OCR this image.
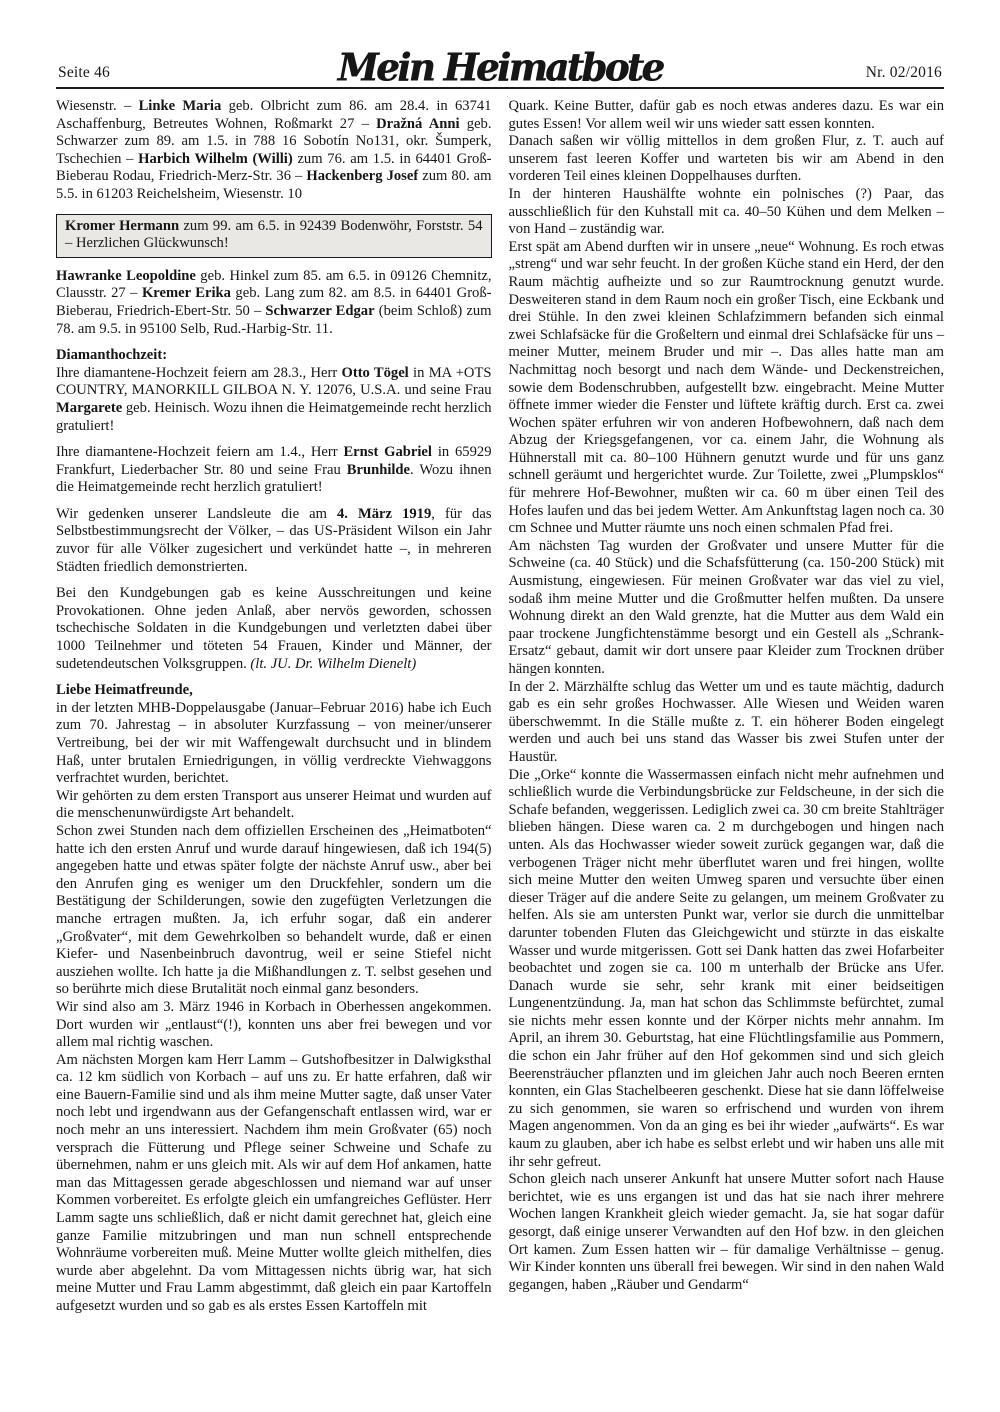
Seite 46	Mein Heimatbote	Nr. 02/2016

Wiesenstr. – Linke Maria geb. Olbricht zum 86. am 28.4. in 63741 Aschaffenburg, Betreutes Wohnen, Roßmarkt 27 – Dražná Anni geb. Schwarzer zum 89. am 1.5. in 788 16 Sobotín No131, okr. Šumperk, Tschechien – Harbich Wilhelm (Willi) zum 76. am 1.5. in 64401 Groß-Bieberau Rodau, Friedrich-Merz-Str. 36 – Hackenberg Josef zum 80. am 5.5. in 61203 Reichelsheim, Wiesenstr. 10

Kromer Hermann zum 99. am 6.5. in 92439 Bodenwöhr, Forststr. 54 – Herzlichen Glückwunsch!

Hawranke Leopoldine geb. Hinkel zum 85. am 6.5. in 09126 Chemnitz, Clausstr. 27 – Kremer Erika geb. Lang zum 82. am 8.5. in 64401 Groß-Bieberau, Friedrich-Ebert-Str. 50 – Schwarzer Edgar (beim Schloß) zum 78. am 9.5. in 95100 Selb, Rud.-Harbig-Str. 11.

Diamanthochzeit:

Ihre diamantene-Hochzeit feiern am 28.3., Herr Otto Tögel in MA +OTS COUNTRY, MANORKILL GILBOA N. Y. 12076, U.S.A. und seine Frau Margarete geb. Heinisch. Wozu ihnen die Heimatgemeinde recht herzlich gratuliert!

Ihre diamantene-Hochzeit feiern am 1.4., Herr Ernst Gabriel in 65929 Frankfurt, Liederbacher Str. 80 und seine Frau Brunhilde. Wozu ihnen die Heimatgemeinde recht herzlich gratuliert!

Wir gedenken unserer Landsleute die am 4. März 1919, für das Selbstbestimmungsrecht der Völker, – das US-Präsident Wilson ein Jahr zuvor für alle Völker zugesichert und verkündet hatte –, in mehreren Städten friedlich demonstrierten.

Bei den Kundgebungen gab es keine Ausschreitungen und keine Provokationen. Ohne jeden Anlaß, aber nervös geworden, schossen tschechische Soldaten in die Kundgebungen und verletzten dabei über 1000 Teilnehmer und töteten 54 Frauen, Kinder und Männer, der sudetendeutschen Volksgruppen. (lt. JU. Dr. Wilhelm Dienelt)

Liebe Heimatfreunde,

in der letzten MHB-Doppelausgabe (Januar–Februar 2016) habe ich Euch zum 70. Jahrestag – in absoluter Kurzfassung – von meiner/unserer Vertreibung, bei der wir mit Waffengewalt durchsucht und in blindem Haß, unter brutalen Erniedrigungen, in völlig verdreckte Viehwaggons verfrachtet wurden, berichtet.

Wir gehörten zu dem ersten Transport aus unserer Heimat und wurden auf die menschenunwürdigste Art behandelt.

Schon zwei Stunden nach dem offiziellen Erscheinen des „Heimatboten“ hatte ich den ersten Anruf und wurde darauf hingewiesen, daß ich 194(5) angegeben hatte und etwas später folgte der nächste Anruf usw., aber bei den Anrufen ging es weniger um den Druckfehler, sondern um die Bestätigung der Schilderungen, sowie den zugefügten Verletzungen die manche ertragen mußten. Ja, ich erfuhr sogar, daß ein anderer „Großvater“, mit dem Gewehrkolben so behandelt wurde, daß er einen Kiefer- und Nasenbeinbruch davontrug, weil er seine Stiefel nicht ausziehen wollte. Ich hatte ja die Mißhandlungen z. T. selbst gesehen und so berührte mich diese Brutalität noch einmal ganz besonders.

Wir sind also am 3. März 1946 in Korbach in Oberhessen angekommen. Dort wurden wir „entlaust“(!), konnten uns aber frei bewegen und vor allem mal richtig waschen.

Am nächsten Morgen kam Herr Lamm – Gutshofbesitzer in Dalwigksthal ca. 12 km südlich von Korbach – auf uns zu. Er hatte erfahren, daß wir eine Bauern-Familie sind und als ihm meine Mutter sagte, daß unser Vater noch lebt und irgendwann aus der Gefangenschaft entlassen wird, war er noch mehr an uns interessiert. Nachdem ihm mein Großvater (65) noch versprach die Fütterung und Pflege seiner Schweine und Schafe zu übernehmen, nahm er uns gleich mit. Als wir auf dem Hof ankamen, hatte man das Mittagessen gerade abgeschlossen und niemand war auf unser Kommen vorbereitet. Es erfolgte gleich ein umfangreiches Geflüster. Herr Lamm sagte uns schließlich, daß er nicht damit gerechnet hat, gleich eine ganze Familie mitzubringen und man nun schnell entsprechende Wohnräume vorbereiten muß. Meine Mutter wollte gleich mithelfen, dies wurde aber abgelehnt. Da vom Mittagessen nichts übrig war, hat sich meine Mutter und Frau Lamm abgestimmt, daß gleich ein paar Kartoffeln aufgesetzt wurden und so gab es als erstes Essen Kartoffeln mit

Quark. Keine Butter, dafür gab es noch etwas anderes dazu. Es war ein gutes Essen! Vor allem weil wir uns wieder satt essen konnten.

Danach saßen wir völlig mittellos in dem großen Flur, z. T. auch auf unserem fast leeren Koffer und warteten bis wir am Abend in den vorderen Teil eines kleinen Doppelhauses durften.

In der hinteren Haushälfte wohnte ein polnisches (?) Paar, das ausschließlich für den Kuhstall mit ca. 40–50 Kühen und dem Melken – von Hand – zuständig war.

Erst spät am Abend durften wir in unsere „neue“ Wohnung. Es roch etwas „streng“ und war sehr feucht. In der großen Küche stand ein Herd, der den Raum mächtig aufheizte und so zur Raumtrocknung genutzt wurde. Desweiteren stand in dem Raum noch ein großer Tisch, eine Eckbank und drei Stühle. In den zwei kleinen Schlafzimmern befanden sich einmal zwei Schlafsäcke für die Großeltern und einmal drei Schlafsäcke für uns – meiner Mutter, meinem Bruder und mir –. Das alles hatte man am Nachmittag noch besorgt und nach dem Wände- und Deckenstreichen, sowie dem Bodenschrubben, aufgestellt bzw. eingebracht. Meine Mutter öffnete immer wieder die Fenster und lüftete kräftig durch. Erst ca. zwei Wochen später erfuhren wir von anderen Hofbewohnern, daß nach dem Abzug der Kriegsgefangenen, vor ca. einem Jahr, die Wohnung als Hühnerstall mit ca. 80–100 Hühnern genutzt wurde und für uns ganz schnell geräumt und hergerichtet wurde. Zur Toilette, zwei „Plumpsklos“ für mehrere Hof-Bewohner, mußten wir ca. 60 m über einen Teil des Hofes laufen und das bei jedem Wetter. Am Ankunftstag lagen noch ca. 30 cm Schnee und Mutter räumte uns noch einen schmalen Pfad frei.

Am nächsten Tag wurden der Großvater und unsere Mutter für die Schweine (ca. 40 Stück) und die Schafsfütterung (ca. 150-200 Stück) mit Ausmistung, eingewiesen. Für meinen Großvater war das viel zu viel, sodaß ihm meine Mutter und die Großmutter helfen mußten. Da unsere Wohnung direkt an den Wald grenzte, hat die Mutter aus dem Wald ein paar trockene Jungfichtenstämme besorgt und ein Gestell als „Schrank-Ersatz“ gebaut, damit wir dort unsere paar Kleider zum Trocknen drüber hängen konnten.

In der 2. Märzhälfte schlug das Wetter um und es taute mächtig, dadurch gab es ein sehr großes Hochwasser. Alle Wiesen und Weiden waren überschwemmt. In die Ställe mußte z. T. ein höherer Boden eingelegt werden und auch bei uns stand das Wasser bis zwei Stufen unter der Haustür.

Die „Orke“ konnte die Wassermassen einfach nicht mehr aufnehmen und schließlich wurde die Verbindungsbrücke zur Feldscheune, in der sich die Schafe befanden, weggerissen. Lediglich zwei ca. 30 cm breite Stahlträger blieben hängen. Diese waren ca. 2 m durchgebogen und hingen nach unten. Als das Hochwasser wieder soweit zurück gegangen war, daß die verbogenen Träger nicht mehr überflutet waren und frei hingen, wollte sich meine Mutter den weiten Umweg sparen und versuchte über einen dieser Träger auf die andere Seite zu gelangen, um meinem Großvater zu helfen. Als sie am untersten Punkt war, verlor sie durch die unmittelbar darunter tobenden Fluten das Gleichgewicht und stürzte in das eiskalte Wasser und wurde mitgerissen. Gott sei Dank hatten das zwei Hofarbeiter beobachtet und zogen sie ca. 100 m unterhalb der Brücke ans Ufer. Danach wurde sie sehr, sehr krank mit einer beidseitigen Lungenentzündung. Ja, man hat schon das Schlimmste befürchtet, zumal sie nichts mehr essen konnte und der Körper nichts mehr annahm. Im April, an ihrem 30. Geburtstag, hat eine Flüchtlingsfamilie aus Pommern, die schon ein Jahr früher auf den Hof gekommen sind und sich gleich Beerensträucher pflanzten und im gleichen Jahr auch noch Beeren ernten konnten, ein Glas Stachelbeeren geschenkt. Diese hat sie dann löffelweise zu sich genommen, sie waren so erfrischend und wurden von ihrem Magen angenommen. Von da an ging es bei ihr wieder „aufwärts“. Es war kaum zu glauben, aber ich habe es selbst erlebt und wir haben uns alle mit ihr sehr gefreut.

Schon gleich nach unserer Ankunft hat unsere Mutter sofort nach Hause berichtet, wie es uns ergangen ist und das hat sie nach ihrer mehrere Wochen langen Krankheit gleich wieder gemacht. Ja, sie hat sogar dafür gesorgt, daß einige unserer Verwandten auf den Hof bzw. in den gleichen Ort kamen. Zum Essen hatten wir – für damalige Verhältnisse – genug. Wir Kinder konnten uns überall frei bewegen. Wir sind in den nahen Wald gegangen, haben „Räuber und Gendarm“
